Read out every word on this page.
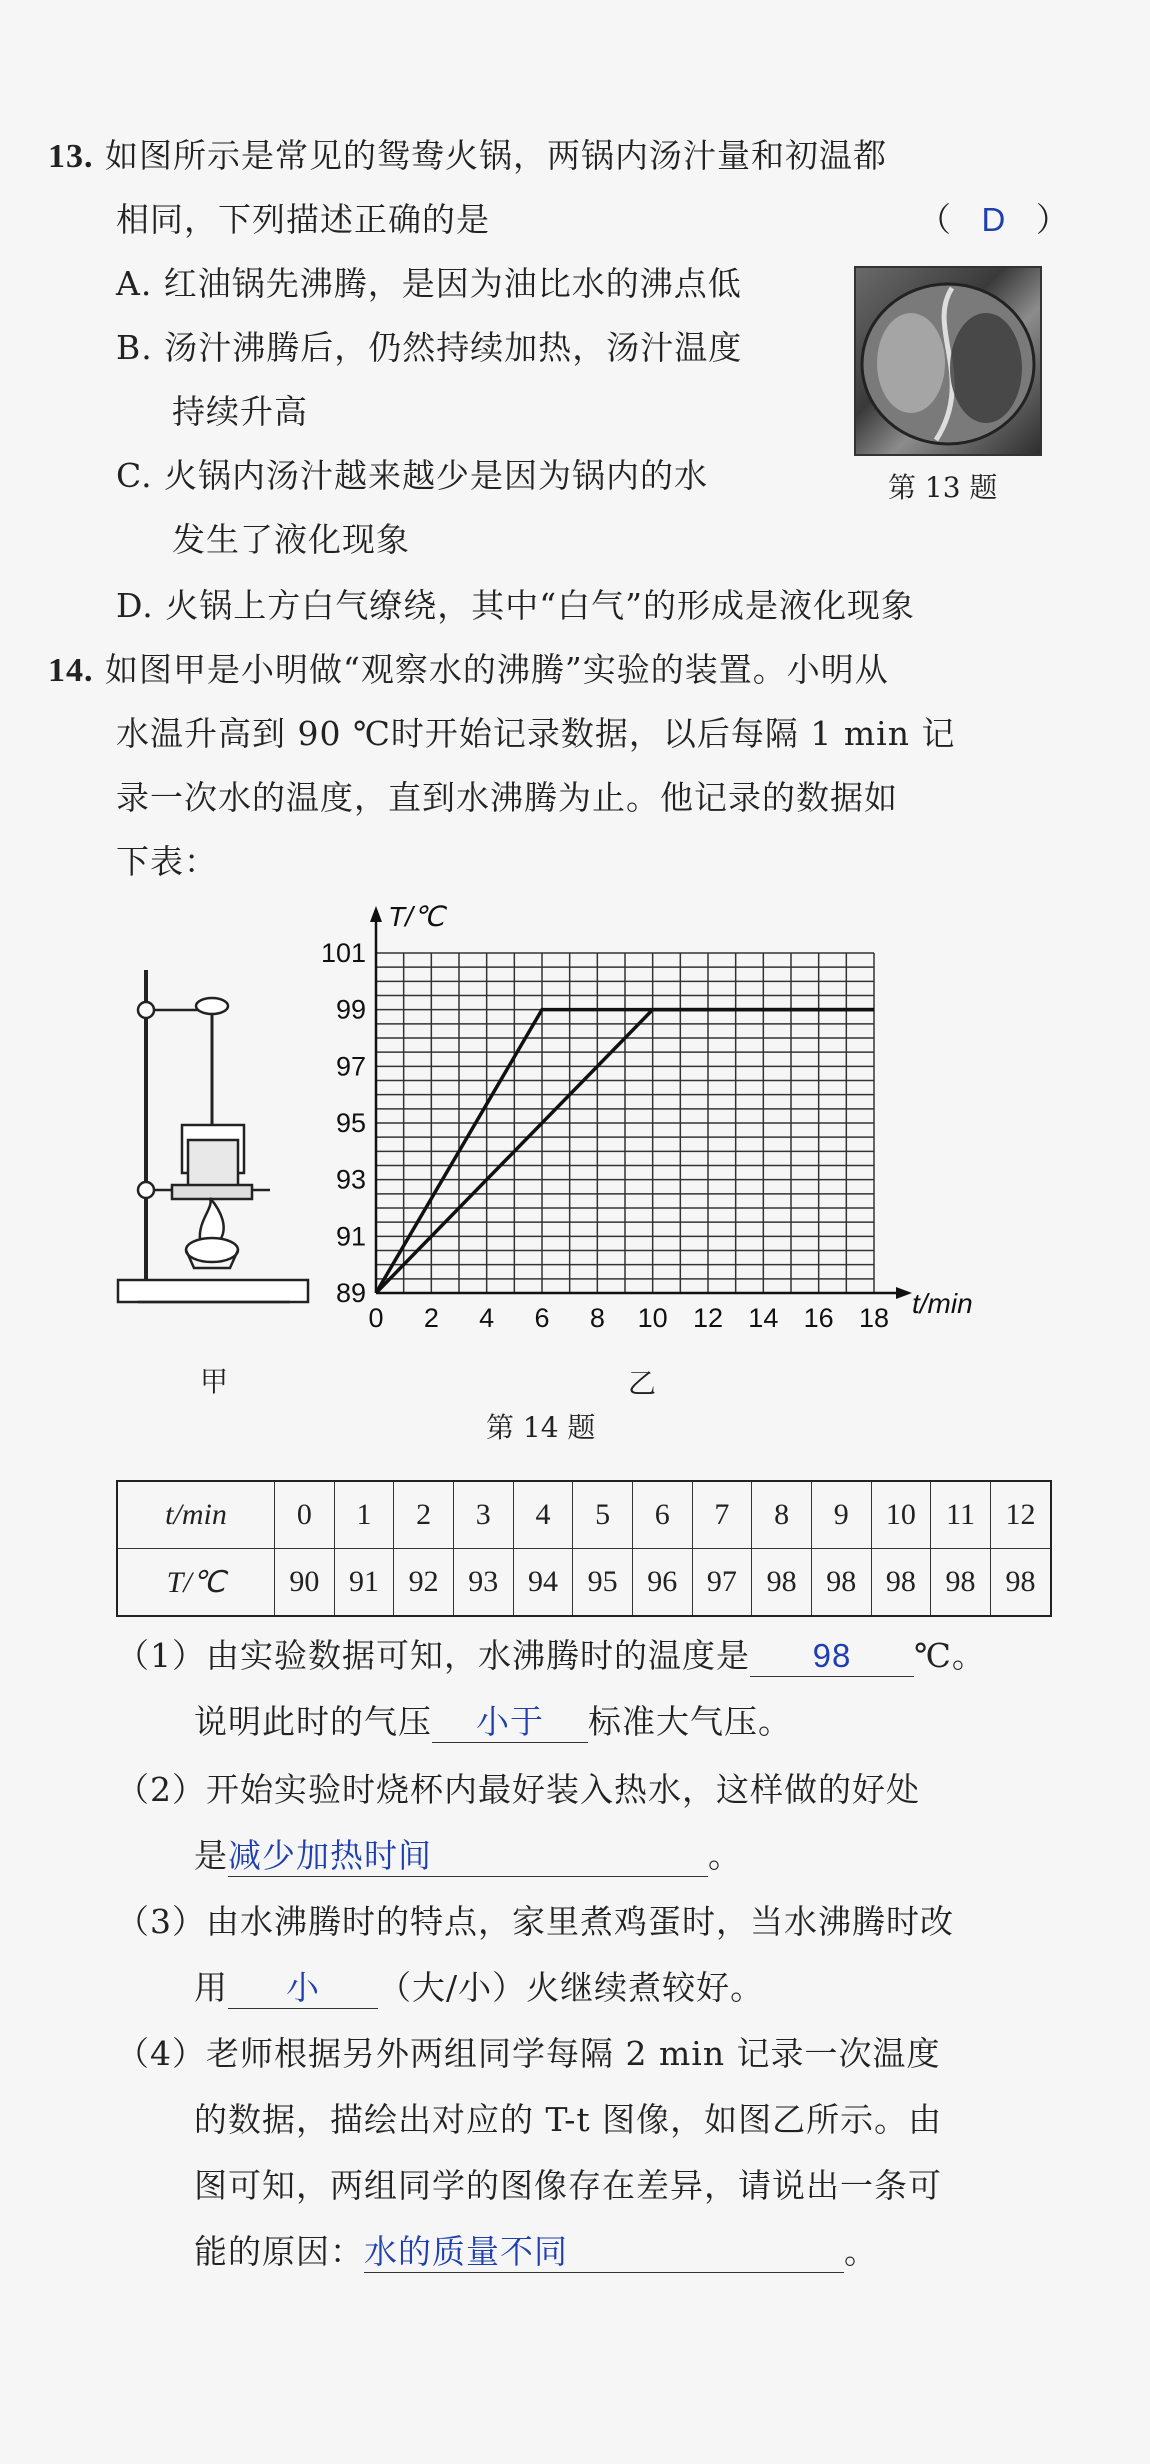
13. 如图所示是常见的鸳鸯火锅，两锅内汤汁量和初温都
相同，下列描述正确的是	（ D ）
A. 红油锅先沸腾，是因为油比水的沸点低
B. 汤汁沸腾后，仍然持续加热，汤汁温度
持续升高
C. 火锅内汤汁越来越少是因为锅内的水
发生了液化现象
D. 火锅上方白气缭绕，其中“白气”的形成是液化现象
第 13 题
14. 如图甲是小明做“观察水的沸腾”实验的装置。小明从
水温升高到 90 ℃时开始记录数据，以后每隔 1 min 记
录一次水的温度，直到水沸腾为止。他记录的数据如
下表：
T/℃
t/min
0 2 4 6 8 10 12 14 16 18
89
91
93
95
97
99
101
甲	乙
第 14 题
t/min	0	1	2	3	4	5	6	7	8	9	10	11	12
T/℃	90	91	92	93	94	95	96	97	98	98	98	98	98
（1）由实验数据可知，水沸腾时的温度是 98 ℃。
说明此时的气压 小于 标准大气压。
（2）开始实验时烧杯内最好装入热水，这样做的好处
是减少加热时间	。
（3）由水沸腾时的特点，家里煮鸡蛋时，当水沸腾时改
用 小 （大/小）火继续煮较好。
（4）老师根据另外两组同学每隔 2 min 记录一次温度
的数据，描绘出对应的 T-t 图像，如图乙所示。由
图可知，两组同学的图像存在差异，请说出一条可
能的原因：水的质量不同	。
